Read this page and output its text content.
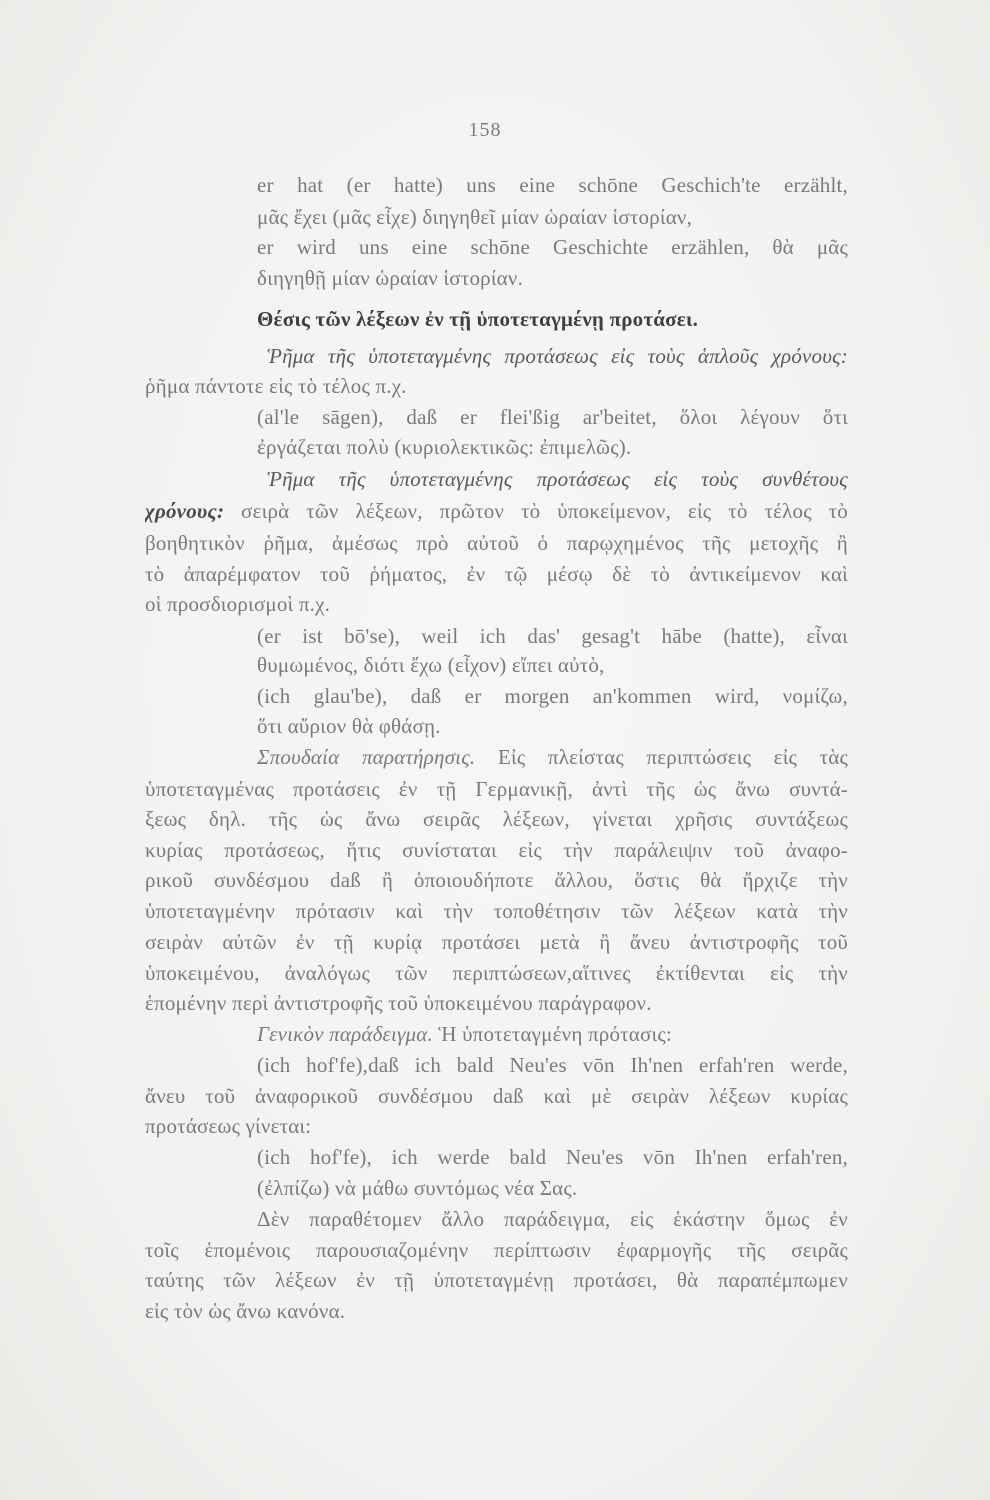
158
er hat (er hatte) uns eine schōne Geschich'te erzählt,
μᾶς ἔχει (μᾶς εἶχε) διηγηθεῖ μίαν ὡραίαν ἱστορίαν,
er wird uns eine schōne Geschichte erzählen, θὰ μᾶς
διηγηθῇ μίαν ὡραίαν ἱστορίαν.
Θέσις τῶν λέξεων ἐν τῇ ὑποτεταγμένῃ προτάσει.
Ῥῆμα τῆς ὑποτεταγμένης προτάσεως εἰς τοὺς ἁπλοῦς χρόνους:
ῥῆμα πάντοτε εἰς τὸ τέλος π.χ.
(al'le sāgen), daß er flei'ßig ar'beitet, ὅλοι λέγουν ὅτι
ἐργάζεται πολὺ (κυριολεκτικῶς: ἐπιμελῶς).
Ῥῆμα τῆς ὑποτεταγμένης προτάσεως εἰς τοὺς συνθέτους
χρόνους: σειρὰ τῶν λέξεων, πρῶτον τὸ ὑποκείμενον, εἰς τὸ τέλος τὸ
βοηθητικὸν ῥῆμα, ἀμέσως πρὸ αὐτοῦ ὁ παρῳχημένος τῆς μετοχῆς ἢ
τὸ ἀπαρέμφατον τοῦ ῥήματος, ἐν τῷ μέσῳ δὲ τὸ ἀντικείμενον καὶ
οἱ προσδιορισμοὶ π.χ.
(er ist bō'se), weil ich das' gesag't hābe (hatte), εἶναι
θυμωμένος, διότι ἔχω (εἶχον) εἴπει αὐτὸ,
(ich glau'be), daß er morgen an'kommen wird, νομίζω,
ὅτι αὔριον θὰ φθάσῃ.
Σπουδαία παρατήρησις. Εἰς πλείστας περιπτώσεις εἰς τὰς
ὑποτεταγμένας προτάσεις ἐν τῇ Γερμανικῇ, ἀντὶ τῆς ὡς ἄνω συντά-
ξεως δηλ. τῆς ὡς ἄνω σειρᾶς λέξεων, γίνεται χρῆσις συντάξεως
κυρίας προτάσεως, ἥτις συνίσταται εἰς τὴν παράλειψιν τοῦ ἀναφο-
ρικοῦ συνδέσμου daß ἢ ὁποιουδήποτε ἄλλου, ὅστις θὰ ἤρχιζε τὴν
ὑποτεταγμένην πρότασιν καὶ τὴν τοποθέτησιν τῶν λέξεων κατὰ τὴν
σειρὰν αὐτῶν ἐν τῇ κυρίᾳ προτάσει μετὰ ἢ ἄνευ ἀντιστροφῆς τοῦ
ὑποκειμένου, ἀναλόγως τῶν περιπτώσεων,αἵτινες ἐκτίθενται εἰς τὴν
ἑπομένην περὶ ἀντιστροφῆς τοῦ ὑποκειμένου παράγραφον.
Γενικὸν παράδειγμα. Ἡ ὑποτεταγμένη πρότασις:
(ich hof'fe),daß ich bald Neu'es vōn Ih'nen erfah'ren werde,
ἄνευ τοῦ ἀναφορικοῦ συνδέσμου daß καὶ μὲ σειρὰν λέξεων κυρίας
προτάσεως γίνεται:
(ich hof'fe), ich werde bald Neu'es vōn Ih'nen erfah'ren,
(ἐλπίζω) νὰ μάθω συντόμως νέα Σας.
Δὲν παραθέτομεν ἄλλο παράδειγμα, εἰς ἑκάστην ὅμως ἐν
τοῖς ἑπομένοις παρουσιαζομένην περίπτωσιν ἐφαρμογῆς τῆς σειρᾶς
ταύτης τῶν λέξεων ἐν τῇ ὑποτεταγμένῃ προτάσει, θὰ παραπέμπωμεν
εἰς τὸν ὡς ἄνω κανόνα.
